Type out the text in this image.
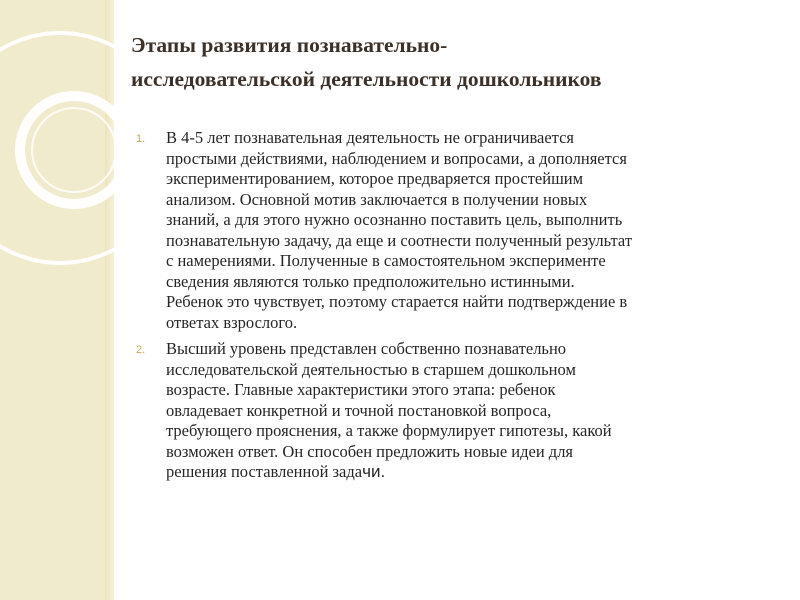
Этапы развития познавательно-
исследовательской деятельности дошкольников
1. В 4-5 лет познавательная деятельность не ограничивается
простыми действиями, наблюдением и вопросами, а дополняется
экспериментированием, которое предваряется простейшим
анализом. Основной мотив заключается в получении новых
знаний, а для этого нужно осознанно поставить цель, выполнить
познавательную задачу, да еще и соотнести полученный результат
с намерениями. Полученные в самостоятельном эксперименте
сведения являются только предположительно истинными.
Ребенок это чувствует, поэтому старается найти подтверждение в
ответах взрослого.
2. Высший уровень представлен собственно познавательно
исследовательской деятельностью в старшем дошкольном
возрасте. Главные характеристики этого этапа: ребенок
овладевает конкретной и точной постановкой вопроса,
требующего прояснения, а также формулирует гипотезы, какой
возможен ответ. Он способен предложить новые идеи для
решения поставленной задачи.
